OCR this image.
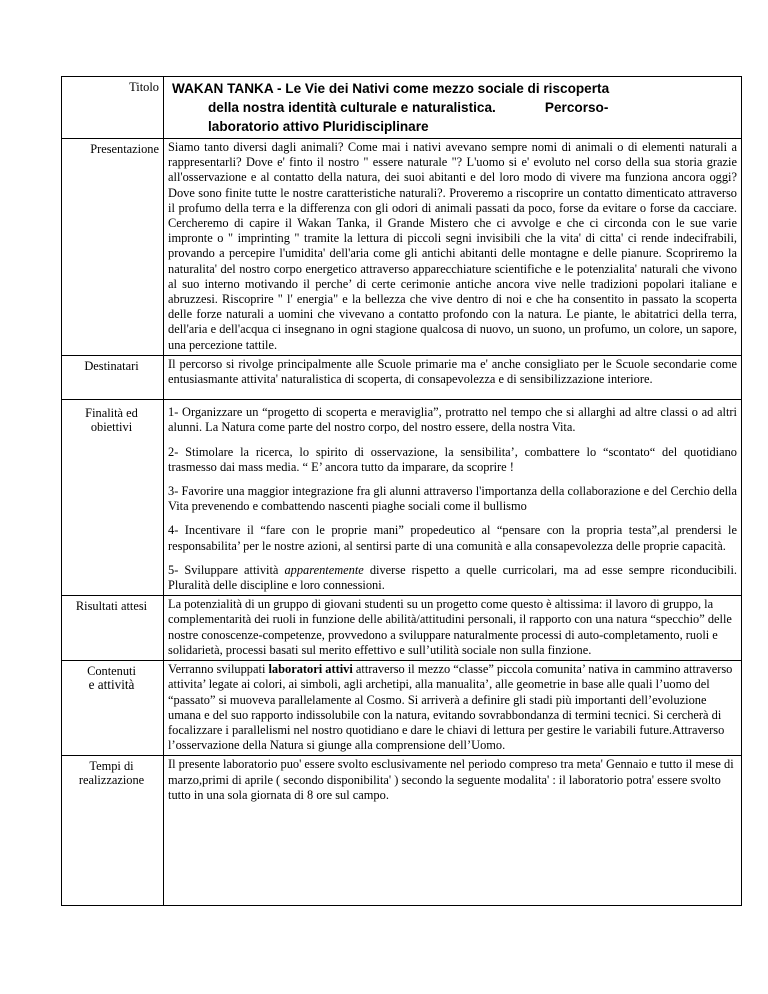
Titolo	WAKAN TANKA - Le Vie dei Nativi come mezzo sociale di riscoperta
della nostra identità culturale e naturalistica.             Percorso-
laboratorio attivo Pluridisciplinare

Presentazione	Siamo tanto diversi dagli animali? Come mai i nativi avevano sempre nomi di animali o di elementi naturali a rappresentarli? Dove e' finto il nostro " essere naturale "? L'uomo si e' evoluto nel corso della sua storia grazie all'osservazione e al contatto della natura, dei suoi abitanti e del loro modo di vivere ma funziona ancora oggi? Dove sono finite tutte le nostre caratteristiche naturali?. Proveremo a riscoprire un contatto dimenticato attraverso il profumo della terra e la differenza con gli odori di animali passati da poco, forse da evitare o forse da cacciare. Cercheremo di capire il Wakan Tanka, il Grande Mistero che ci avvolge e che ci circonda con le sue varie impronte o " imprinting " tramite la lettura di piccoli segni invisibili che la vita' di citta' ci rende indecifrabili, provando a percepire l'umidita' dell'aria come gli antichi abitanti delle montagne e delle pianure. Scopriremo la naturalita' del nostro corpo energetico attraverso apparecchiature scientifiche e le potenzialita' naturali che vivono al suo interno motivando il perche’ di certe cerimonie antiche ancora vive nelle tradizioni popolari italiane e abruzzesi. Riscoprire " l' energia" e la bellezza che vive dentro di noi e che ha consentito in passato la scoperta delle forze naturali a uomini che vivevano a contatto profondo con la natura. Le piante, le abitatrici della terra, dell'aria e dell'acqua ci insegnano in ogni stagione qualcosa di nuovo, un suono, un profumo, un colore, un sapore, una percezione tattile.
Destinatari	Il percorso si rivolge principalmente alle Scuole primarie ma e' anche consigliato per le Scuole secondarie come entusiasmante attivita' naturalistica di scoperta, di consapevolezza e di sensibilizzazione interiore.

Finalità ed obiettivi	1- Organizzare un “progetto di scoperta e meraviglia”, protratto nel tempo che si allarghi ad altre classi o ad altri alunni. La Natura come parte del nostro corpo, del nostro essere, della nostra Vita.

2- Stimolare la ricerca, lo spirito di osservazione, la sensibilita’, combattere lo “scontato“ del quotidiano trasmesso dai mass media. “ E’ ancora tutto da imparare, da scoprire !

3- Favorire una maggior integrazione fra gli alunni attraverso l'importanza della collaborazione e del Cerchio della Vita prevenendo e combattendo nascenti piaghe sociali come il bullismo

4- Incentivare il “fare con le proprie mani” propedeutico al “pensare con la propria testa”,al prendersi le responsabilita’ per le nostre azioni, al sentirsi parte di una comunità e alla consapevolezza delle proprie capacità.

5- Sviluppare attività apparentemente diverse rispetto a quelle curricolari, ma ad esse sempre riconducibili. Pluralità delle discipline e loro connessioni.

Risultati attesi	La potenzialità di un gruppo di giovani studenti su un progetto come questo è altissima: il lavoro di gruppo, la complementarità dei ruoli in funzione delle abilità/attitudini personali, il rapporto con una natura “specchio” delle nostre conoscenze-competenze, provvedono a sviluppare naturalmente processi di auto-completamento, ruoli e solidarietà, processi basati sul merito effettivo e sull’utilità sociale non sulla finzione.

Contenuti
e attività	Verranno sviluppati laboratori attivi attraverso il mezzo “classe” piccola comunita’ nativa in cammino attraverso attivita’ legate ai colori, ai simboli, agli archetipi, alla manualita’, alle geometrie in base alle quali l’uomo del “passato” si muoveva parallelamente al Cosmo. Si arriverà a definire gli stadi più importanti dell’evoluzione umana e del suo rapporto indissolubile con la natura, evitando sovrabbondanza di termini tecnici. Si cercherà di focalizzare i parallelismi nel nostro quotidiano e dare le chiavi di lettura per gestire le variabili future.Attraverso l’osservazione della Natura si giunge alla comprensione dell’Uomo.
Tempi di realizzazione	Il presente laboratorio puo' essere svolto esclusivamente nel periodo compreso tra meta' Gennaio e tutto il mese di marzo,primi di aprile ( secondo disponibilita' ) secondo la seguente modalita' : il laboratorio potra' essere svolto tutto in una sola giornata di 8 ore sul campo.
